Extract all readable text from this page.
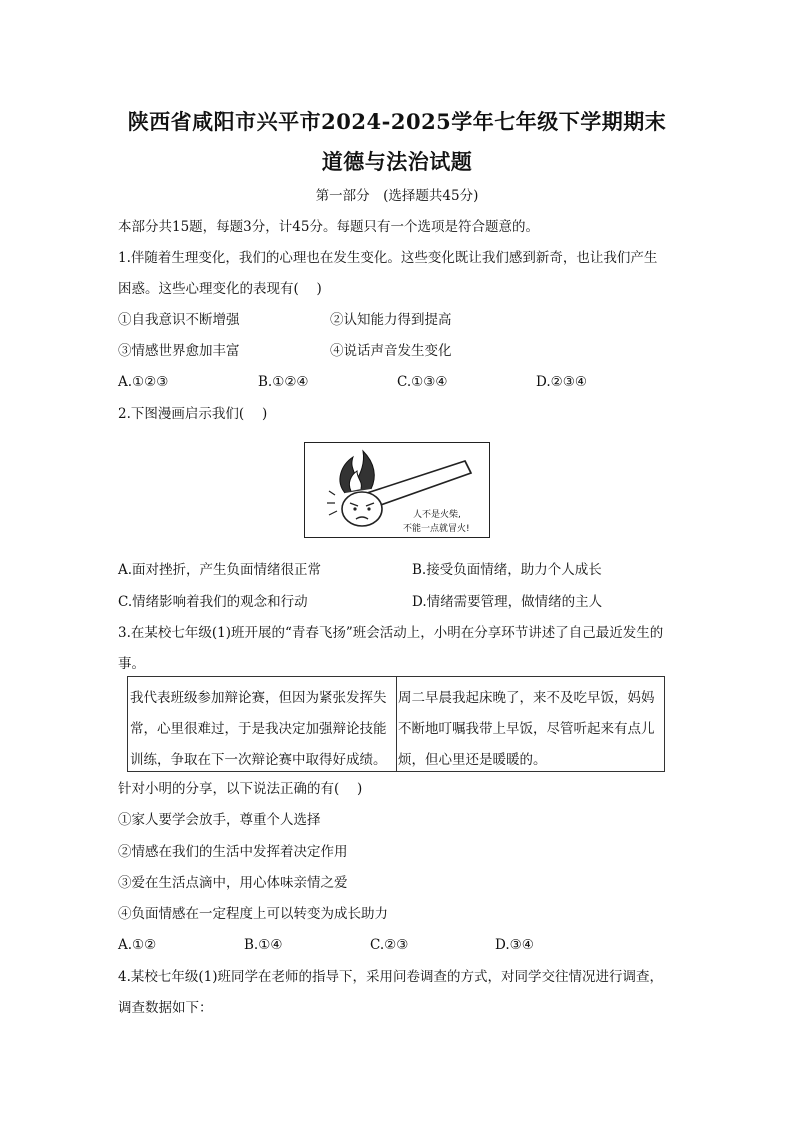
陕西省咸阳市兴平市2024-2025学年七年级下学期期末
道德与法治试题
第一部分　(选择题共45分)
本部分共15题，每题3分，计45分。每题只有一个选项是符合题意的。
1.伴随着生理变化，我们的心理也在发生变化。这些变化既让我们感到新奇，也让我们产生
困惑。这些心理变化的表现有(　 )
①自我意识不断增强	②认知能力得到提高
③情感世界愈加丰富	④说话声音发生变化
A.①②③	B.①②④	C.①③④	D.②③④
2.下图漫画启示我们(　 )
人不是火柴,
不能一点就冒火!
A.面对挫折，产生负面情绪很正常	B.接受负面情绪，助力个人成长
C.情绪影响着我们的观念和行动	D.情绪需要管理，做情绪的主人
3.在某校七年级(1)班开展的“青春飞扬”班会活动上，小明在分享环节讲述了自己最近发生的
事。
我代表班级参加辩论赛，但因为紧张发挥失
常，心里很难过，于是我决定加强辩论技能
训练，争取在下一次辩论赛中取得好成绩。
周二早晨我起床晚了，来不及吃早饭，妈妈
不断地叮嘱我带上早饭，尽管听起来有点儿
烦，但心里还是暖暖的。
针对小明的分享，以下说法正确的有(　 )
①家人要学会放手，尊重个人选择
②情感在我们的生活中发挥着决定作用
③爱在生活点滴中，用心体味亲情之爱
④负面情感在一定程度上可以转变为成长助力
A.①②	B.①④	C.②③	D.③④
4.某校七年级(1)班同学在老师的指导下，采用问卷调查的方式，对同学交往情况进行调查，
调查数据如下：
